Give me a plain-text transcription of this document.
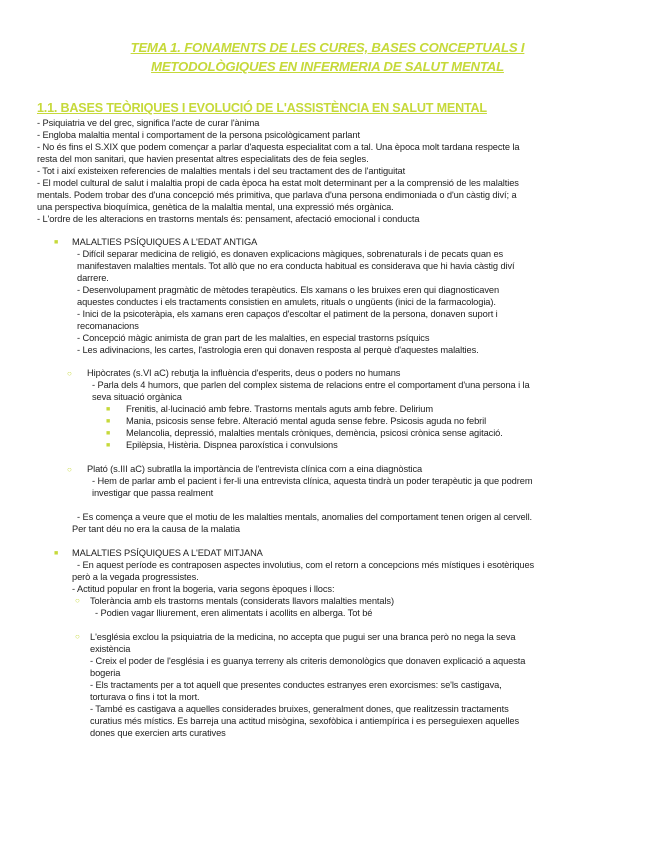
TEMA 1. FONAMENTS DE LES CURES, BASES CONCEPTUALS I
METODOLÒGIQUES EN INFERMERIA DE SALUT MENTAL
1.1. BASES TEÒRIQUES I EVOLUCIÓ DE L'ASSISTÈNCIA EN SALUT MENTAL
- Psiquiatria ve del grec, significa l'acte de curar l'ànima
- Engloba malaltia mental i comportament de la persona psicològicament parlant
- No és fins el S.XIX que podem començar a parlar d'aquesta especialitat com a tal. Una època molt tardana respecte la
resta del mon sanitari, que havien presentat altres especialitats des de feia segles.
- Tot i així existeixen referencies de malalties mentals i del seu tractament des de l'antiguitat
- El model cultural de salut i malaltia propi de cada època ha estat molt determinant per a la comprensió de les malalties
mentals. Podem trobar des d'una concepció més primitiva, que parlava d'una persona endimoniada o d'un càstig diví; a
una perspectiva bioquímica, genètica de la malaltia mental, una expressió més orgànica.
- L'ordre de les alteracions en trastorns mentals és: pensament, afectació emocional i conducta
■ MALALTIES PSÍQUIQUES A L'EDAT ANTIGA
- Difícil separar medicina de religió, es donaven explicacions màgiques, sobrenaturals i de pecats quan es
manifestaven malalties mentals. Tot allò que no era conducta habitual es considerava que hi havia càstig diví
darrere.
- Desenvolupament pragmàtic de mètodes terapèutics. Els xamans o les bruixes eren qui diagnosticaven
aquestes conductes i els tractaments consistien en amulets, rituals o ungüents (inici de la farmacologia).
- Inici de la psicoteràpia, els xamans eren capaços d'escoltar el patiment de la persona, donaven suport i
recomanacions
- Concepció màgic animista de gran part de les malalties, en especial trastorns psíquics
- Les adivinacions, les cartes, l'astrologia eren qui donaven resposta al perquè d'aquestes malalties.
○ Hipòcrates (s.VI aC) rebutja la influència d'esperits, deus o poders no humans
- Parla dels 4 humors, que parlen del complex sistema de relacions entre el comportament d'una persona i la
seva situació orgànica
■ Frenitis, al·lucinació amb febre. Trastorns mentals aguts amb febre. Delirium
■ Mania, psicosis sense febre. Alteració mental aguda sense febre. Psicosis aguda no febril
■ Melancolia, depressió, malalties mentals cròniques, demència, psicosi crònica sense agitació.
■ Epilèpsia, Histèria. Dispnea paroxística i convulsions
○ Plató (s.III aC) subratlla la importància de l'entrevista clínica com a eina diagnòstica
- Hem de parlar amb el pacient i fer-li una entrevista clínica, aquesta tindrà un poder terapèutic ja que podrem
investigar que passa realment
- Es comença a veure que el motiu de les malalties mentals, anomalies del comportament tenen origen al cervell.
Per tant déu no era la causa de la malatia
■ MALALTIES PSÍQUIQUES A L'EDAT MITJANA
- En aquest període es contraposen aspectes involutius, com el retorn a concepcions més místiques i esotèriques
però a la vegada progressistes.
- Actitud popular en front la bogeria, varia segons èpoques i llocs:
○ Tolerància amb els trastorns mentals (considerats llavors malalties mentals)
- Podien vagar lliurement, eren alimentats i acollits en alberga. Tot bé
○ L'església exclou la psiquiatria de la medicina, no accepta que pugui ser una branca però no nega la seva
existència
- Creix el poder de l'església i es guanya terreny als criteris demonològics que donaven explicació a aquesta
bogeria
- Els tractaments per a tot aquell que presentes conductes estranyes eren exorcismes: se'ls castigava,
torturava o fins i tot la mort.
- També es castigava a aquelles considerades bruixes, generalment dones, que realitzessin tractaments
curatius més místics. Es barreja una actitud misògina, sexofòbica i antiempírica i es perseguiexen aquelles
dones que exercien arts curatives
